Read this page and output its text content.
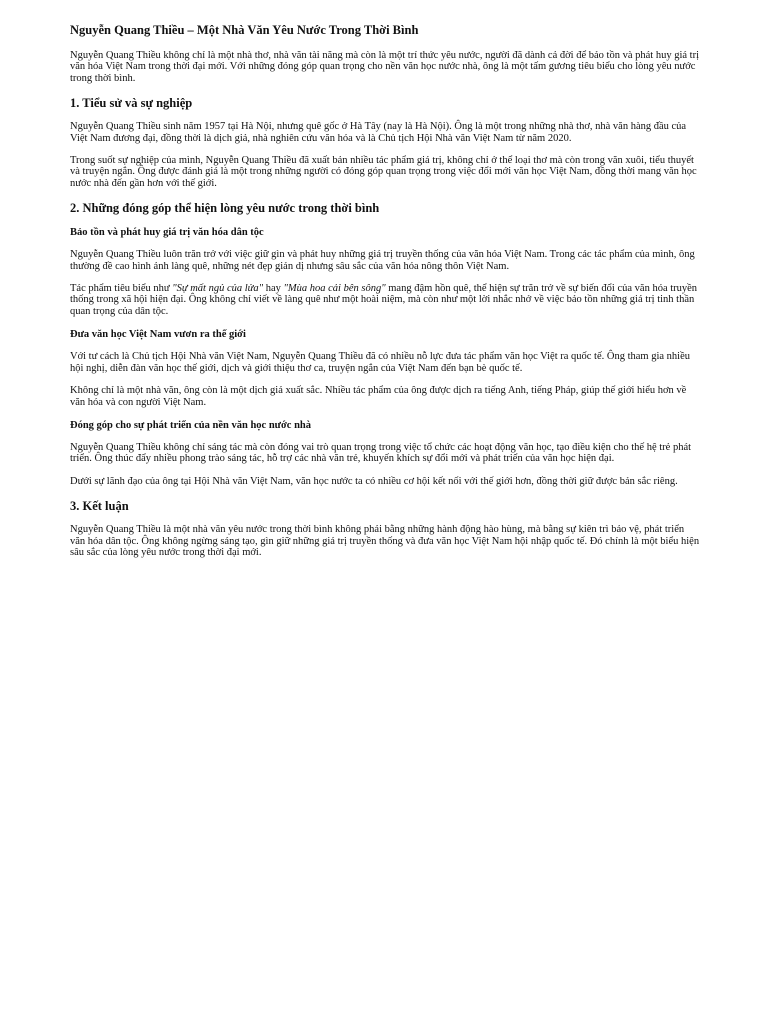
Nguyễn Quang Thiều – Một Nhà Văn Yêu Nước Trong Thời Bình

Nguyễn Quang Thiều không chỉ là một nhà thơ, nhà văn tài năng mà còn là một trí thức yêu nước, người đã dành cả đời để bảo tồn và phát huy giá trị văn hóa Việt Nam trong thời đại mới. Với những đóng góp quan trọng cho nền văn học nước nhà, ông là một tấm gương tiêu biểu cho lòng yêu nước trong thời bình.

1. Tiểu sử và sự nghiệp

Nguyễn Quang Thiều sinh năm 1957 tại Hà Nội, nhưng quê gốc ở Hà Tây (nay là Hà Nội). Ông là một trong những nhà thơ, nhà văn hàng đầu của Việt Nam đương đại, đồng thời là dịch giả, nhà nghiên cứu văn hóa và là Chủ tịch Hội Nhà văn Việt Nam từ năm 2020.

Trong suốt sự nghiệp của mình, Nguyễn Quang Thiều đã xuất bản nhiều tác phẩm giá trị, không chỉ ở thể loại thơ mà còn trong văn xuôi, tiểu thuyết và truyện ngắn. Ông được đánh giá là một trong những người có đóng góp quan trọng trong việc đổi mới văn học Việt Nam, đồng thời mang văn học nước nhà đến gần hơn với thế giới.

2. Những đóng góp thể hiện lòng yêu nước trong thời bình
Bảo tồn và phát huy giá trị văn hóa dân tộc

Nguyễn Quang Thiều luôn trăn trở với việc giữ gìn và phát huy những giá trị truyền thống của văn hóa Việt Nam. Trong các tác phẩm của mình, ông thường đề cao hình ảnh làng quê, những nét đẹp giản dị nhưng sâu sắc của văn hóa nông thôn Việt Nam.

Tác phẩm tiêu biểu như "Sự mất ngủ của lửa" hay "Mùa hoa cải bên sông" mang đậm hồn quê, thể hiện sự trăn trở về sự biến đổi của văn hóa truyền thống trong xã hội hiện đại. Ông không chỉ viết về làng quê như một hoài niệm, mà còn như một lời nhắc nhở về việc bảo tồn những giá trị tinh thần quan trọng của dân tộc.

Đưa văn học Việt Nam vươn ra thế giới

Với tư cách là Chủ tịch Hội Nhà văn Việt Nam, Nguyễn Quang Thiều đã có nhiều nỗ lực đưa tác phẩm văn học Việt ra quốc tế. Ông tham gia nhiều hội nghị, diễn đàn văn học thế giới, dịch và giới thiệu thơ ca, truyện ngắn của Việt Nam đến bạn bè quốc tế.

Không chỉ là một nhà văn, ông còn là một dịch giả xuất sắc. Nhiều tác phẩm của ông được dịch ra tiếng Anh, tiếng Pháp, giúp thế giới hiểu hơn về văn hóa và con người Việt Nam.

Đóng góp cho sự phát triển của nền văn học nước nhà

Nguyễn Quang Thiều không chỉ sáng tác mà còn đóng vai trò quan trọng trong việc tổ chức các hoạt động văn học, tạo điều kiện cho thế hệ trẻ phát triển. Ông thúc đẩy nhiều phong trào sáng tác, hỗ trợ các nhà văn trẻ, khuyến khích sự đổi mới và phát triển của văn học hiện đại.

Dưới sự lãnh đạo của ông tại Hội Nhà văn Việt Nam, văn học nước ta có nhiều cơ hội kết nối với thế giới hơn, đồng thời giữ được bản sắc riêng.

3. Kết luận

Nguyễn Quang Thiều là một nhà văn yêu nước trong thời bình không phải bằng những hành động hào hùng, mà bằng sự kiên trì bảo vệ, phát triển văn hóa dân tộc. Ông không ngừng sáng tạo, gìn giữ những giá trị truyền thống và đưa văn học Việt Nam hội nhập quốc tế. Đó chính là một biểu hiện sâu sắc của lòng yêu nước trong thời đại mới.
